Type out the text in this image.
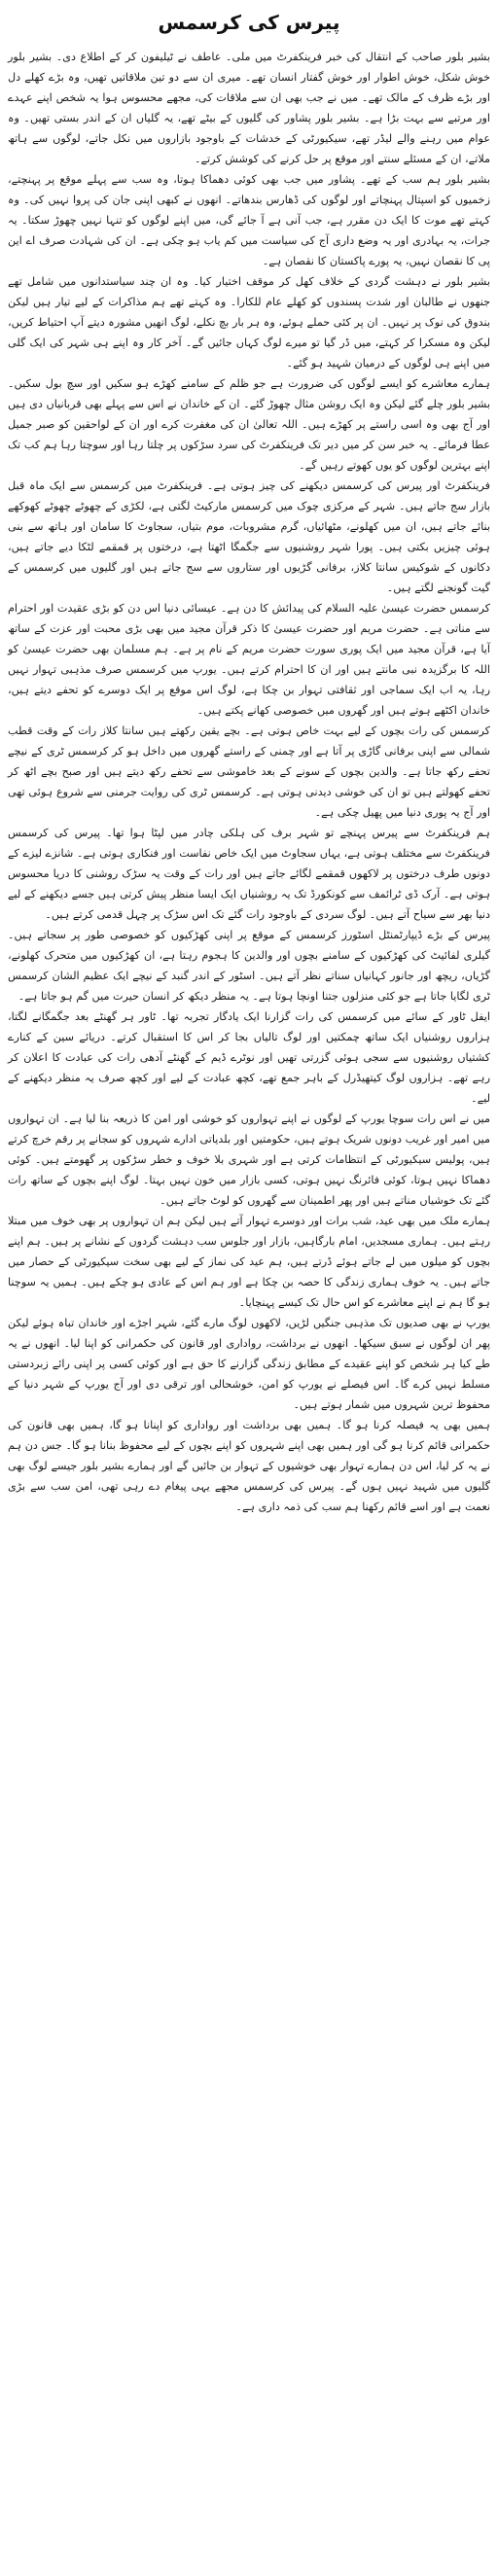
پیرس کی کرسمس

بشیر بلور صاحب کے انتقال کی خبر فرینکفرٹ میں ملی۔ عاطف نے ٹیلیفون کر کے اطلاع دی۔ بشیر بلور خوش شکل، خوش اطوار اور خوش گفتار انسان تھے۔ میری ان سے دو تین ملاقاتیں تھیں، وہ بڑے کھلے دل اور بڑے ظرف کے مالک تھے۔ میں نے جب بھی ان سے ملاقات کی، مجھے محسوس ہوا یہ شخص اپنے عہدے اور مرتبے سے بہت بڑا ہے۔ بشیر بلور پشاور کی گلیوں کے بیٹے تھے، یہ گلیاں ان کے اندر بستی تھیں۔ وہ عوام میں رہنے والے لیڈر تھے، سیکیورٹی کے خدشات کے باوجود بازاروں میں نکل جاتے، لوگوں سے ہاتھ ملاتے، ان کے مسئلے سنتے اور موقع پر حل کرنے کی کوشش کرتے۔

بشیر بلور ہم سب کے تھے۔ پشاور میں جب بھی کوئی دھماکا ہوتا، وہ سب سے پہلے موقع پر پہنچتے، زخمیوں کو اسپتال پہنچاتے اور لوگوں کی ڈھارس بندھاتے۔ انھوں نے کبھی اپنی جان کی پروا نہیں کی۔ وہ کہتے تھے موت کا ایک دن مقرر ہے، جب آنی ہے آ جائے گی، میں اپنے لوگوں کو تنہا نہیں چھوڑ سکتا۔ یہ جرات، یہ بہادری اور یہ وضع داری آج کی سیاست میں کم یاب ہو چکی ہے۔ ان کی شہادت صرف اے این پی کا نقصان نہیں، یہ پورے پاکستان کا نقصان ہے۔

بشیر بلور نے دہشت گردی کے خلاف کھل کر موقف اختیار کیا۔ وہ ان چند سیاستدانوں میں شامل تھے جنھوں نے طالبان اور شدت پسندوں کو کھلے عام للکارا۔ وہ کہتے تھے ہم مذاکرات کے لیے تیار ہیں لیکن بندوق کی نوک پر نہیں۔ ان پر کئی حملے ہوئے، وہ ہر بار بچ نکلے، لوگ انھیں مشورہ دیتے آپ احتیاط کریں، لیکن وہ مسکرا کر کہتے، میں ڈر گیا تو میرے لوگ کہاں جائیں گے۔ آخر کار وہ اپنے ہی شہر کی ایک گلی میں اپنے ہی لوگوں کے درمیان شہید ہو گئے۔

ہمارے معاشرے کو ایسے لوگوں کی ضرورت ہے جو ظلم کے سامنے کھڑے ہو سکیں اور سچ بول سکیں۔ بشیر بلور چلے گئے لیکن وہ ایک روشن مثال چھوڑ گئے۔ ان کے خاندان نے اس سے پہلے بھی قربانیاں دی ہیں اور آج بھی وہ اسی راستے پر کھڑے ہیں۔ اللہ تعالیٰ ان کی مغفرت کرے اور ان کے لواحقین کو صبر جمیل عطا فرمائے۔ یہ خبر سن کر میں دیر تک فرینکفرٹ کی سرد سڑکوں پر چلتا رہا اور سوچتا رہا ہم کب تک اپنے بہترین لوگوں کو یوں کھوتے رہیں گے۔

فرینکفرٹ اور پیرس کی کرسمس دیکھنے کی چیز ہوتی ہے۔ فرینکفرٹ میں کرسمس سے ایک ماہ قبل بازار سج جاتے ہیں۔ شہر کے مرکزی چوک میں کرسمس مارکیٹ لگتی ہے، لکڑی کے چھوٹے چھوٹے کھوکھے بنائے جاتے ہیں، ان میں کھلونے، مٹھائیاں، گرم مشروبات، موم بتیاں، سجاوٹ کا سامان اور ہاتھ سے بنی ہوئی چیزیں بکتی ہیں۔ پورا شہر روشنیوں سے جگمگا اٹھتا ہے، درختوں پر قمقمے لٹکا دیے جاتے ہیں، دکانوں کے شوکیس سانتا کلاز، برفانی گڑیوں اور ستاروں سے سج جاتے ہیں اور گلیوں میں کرسمس کے گیت گونجنے لگتے ہیں۔

کرسمس حضرت عیسیٰ علیہ السلام کی پیدائش کا دن ہے۔ عیسائی دنیا اس دن کو بڑی عقیدت اور احترام سے مناتی ہے۔ حضرت مریم اور حضرت عیسیٰ کا ذکر قرآن مجید میں بھی بڑی محبت اور عزت کے ساتھ آیا ہے، قرآن مجید میں ایک پوری سورت حضرت مریم کے نام پر ہے۔ ہم مسلمان بھی حضرت عیسیٰ کو اللہ کا برگزیدہ نبی مانتے ہیں اور ان کا احترام کرتے ہیں۔ یورپ میں کرسمس صرف مذہبی تہوار نہیں رہا، یہ اب ایک سماجی اور ثقافتی تہوار بن چکا ہے، لوگ اس موقع پر ایک دوسرے کو تحفے دیتے ہیں، خاندان اکٹھے ہوتے ہیں اور گھروں میں خصوصی کھانے پکتے ہیں۔

کرسمس کی رات بچوں کے لیے بہت خاص ہوتی ہے۔ بچے یقین رکھتے ہیں سانتا کلاز رات کے وقت قطب شمالی سے اپنی برفانی گاڑی پر آتا ہے اور چمنی کے راستے گھروں میں داخل ہو کر کرسمس ٹری کے نیچے تحفے رکھ جاتا ہے۔ والدین بچوں کے سونے کے بعد خاموشی سے تحفے رکھ دیتے ہیں اور صبح بچے اٹھ کر تحفے کھولتے ہیں تو ان کی خوشی دیدنی ہوتی ہے۔ کرسمس ٹری کی روایت جرمنی سے شروع ہوئی تھی اور آج یہ پوری دنیا میں پھیل چکی ہے۔

ہم فرینکفرٹ سے پیرس پہنچے تو شہر برف کی ہلکی چادر میں لپٹا ہوا تھا۔ پیرس کی کرسمس فرینکفرٹ سے مختلف ہوتی ہے، یہاں سجاوٹ میں ایک خاص نفاست اور فنکاری ہوتی ہے۔ شانزے لیزے کے دونوں طرف درختوں پر لاکھوں قمقمے لگائے جاتے ہیں اور رات کے وقت یہ سڑک روشنی کا دریا محسوس ہوتی ہے۔ آرک ڈی ٹرائمف سے کونکورڈ تک یہ روشنیاں ایک ایسا منظر پیش کرتی ہیں جسے دیکھنے کے لیے دنیا بھر سے سیاح آتے ہیں۔ لوگ سردی کے باوجود رات گئے تک اس سڑک پر چہل قدمی کرتے ہیں۔

پیرس کے بڑے ڈیپارٹمنٹل اسٹورز کرسمس کے موقع پر اپنی کھڑکیوں کو خصوصی طور پر سجاتے ہیں۔ گیلری لفائیٹ کی کھڑکیوں کے سامنے بچوں اور والدین کا ہجوم رہتا ہے، ان کھڑکیوں میں متحرک کھلونے، گڑیاں، ریچھ اور جانور کہانیاں سناتے نظر آتے ہیں۔ اسٹور کے اندر گنبد کے نیچے ایک عظیم الشان کرسمس ٹری لگایا جاتا ہے جو کئی منزلوں جتنا اونچا ہوتا ہے۔ یہ منظر دیکھ کر انسان حیرت میں گم ہو جاتا ہے۔

ایفل ٹاور کے سائے میں کرسمس کی رات گزارنا ایک یادگار تجربہ تھا۔ ٹاور ہر گھنٹے بعد جگمگانے لگتا، ہزاروں روشنیاں ایک ساتھ چمکتیں اور لوگ تالیاں بجا کر اس کا استقبال کرتے۔ دریائے سین کے کنارے کشتیاں روشنیوں سے سجی ہوئی گزرتی تھیں اور نوٹرے ڈیم کے گھنٹے آدھی رات کی عبادت کا اعلان کر رہے تھے۔ ہزاروں لوگ کیتھیڈرل کے باہر جمع تھے، کچھ عبادت کے لیے اور کچھ صرف یہ منظر دیکھنے کے لیے۔

میں نے اس رات سوچا یورپ کے لوگوں نے اپنے تہواروں کو خوشی اور امن کا ذریعہ بنا لیا ہے۔ ان تہواروں میں امیر اور غریب دونوں شریک ہوتے ہیں، حکومتیں اور بلدیاتی ادارے شہروں کو سجانے پر رقم خرچ کرتے ہیں، پولیس سیکیورٹی کے انتظامات کرتی ہے اور شہری بلا خوف و خطر سڑکوں پر گھومتے ہیں۔ کوئی دھماکا نہیں ہوتا، کوئی فائرنگ نہیں ہوتی، کسی بازار میں خون نہیں بہتا۔ لوگ اپنے بچوں کے ساتھ رات گئے تک خوشیاں مناتے ہیں اور پھر اطمینان سے گھروں کو لوٹ جاتے ہیں۔

ہمارے ملک میں بھی عید، شب برات اور دوسرے تہوار آتے ہیں لیکن ہم ان تہواروں پر بھی خوف میں مبتلا رہتے ہیں۔ ہماری مسجدیں، امام بارگاہیں، بازار اور جلوس سب دہشت گردوں کے نشانے پر ہیں۔ ہم اپنے بچوں کو میلوں میں لے جاتے ہوئے ڈرتے ہیں، ہم عید کی نماز کے لیے بھی سخت سیکیورٹی کے حصار میں جاتے ہیں۔ یہ خوف ہماری زندگی کا حصہ بن چکا ہے اور ہم اس کے عادی ہو چکے ہیں۔ ہمیں یہ سوچنا ہو گا ہم نے اپنے معاشرے کو اس حال تک کیسے پہنچایا۔

یورپ نے بھی صدیوں تک مذہبی جنگیں لڑیں، لاکھوں لوگ مارے گئے، شہر اجڑے اور خاندان تباہ ہوئے لیکن پھر ان لوگوں نے سبق سیکھا۔ انھوں نے برداشت، رواداری اور قانون کی حکمرانی کو اپنا لیا۔ انھوں نے یہ طے کیا ہر شخص کو اپنے عقیدے کے مطابق زندگی گزارنے کا حق ہے اور کوئی کسی پر اپنی رائے زبردستی مسلط نہیں کرے گا۔ اس فیصلے نے یورپ کو امن، خوشحالی اور ترقی دی اور آج یورپ کے شہر دنیا کے محفوظ ترین شہروں میں شمار ہوتے ہیں۔

ہمیں بھی یہ فیصلہ کرنا ہو گا۔ ہمیں بھی برداشت اور رواداری کو اپنانا ہو گا، ہمیں بھی قانون کی حکمرانی قائم کرنا ہو گی اور ہمیں بھی اپنے شہروں کو اپنے بچوں کے لیے محفوظ بنانا ہو گا۔ جس دن ہم نے یہ کر لیا، اس دن ہمارے تہوار بھی خوشیوں کے تہوار بن جائیں گے اور ہمارے بشیر بلور جیسے لوگ بھی گلیوں میں شہید نہیں ہوں گے۔ پیرس کی کرسمس مجھے یہی پیغام دے رہی تھی، امن سب سے بڑی نعمت ہے اور اسے قائم رکھنا ہم سب کی ذمہ داری ہے۔
